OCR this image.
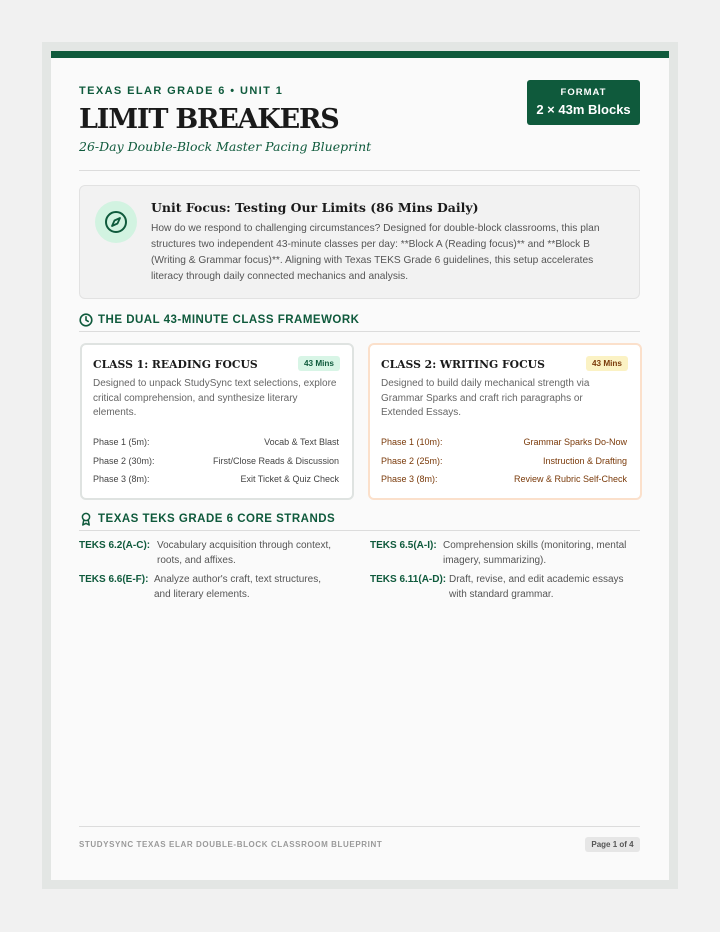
TEXAS ELAR GRADE 6 • UNIT 1
LIMIT BREAKERS
26-Day Double-Block Master Pacing Blueprint
FORMAT
2 × 43m Blocks
Unit Focus: Testing Our Limits (86 Mins Daily)

How do we respond to challenging circumstances? Designed for double-block classrooms, this plan structures two independent 43-minute classes per day: **Block A (Reading focus)** and **Block B (Writing & Grammar focus)**. Aligning with Texas TEKS Grade 6 guidelines, this setup accelerates literacy through daily connected mechanics and analysis.

THE DUAL 43-MINUTE CLASS FRAMEWORK
CLASS 1: READING FOCUS	43 Mins
Designed to unpack StudySync text selections, explore critical comprehension, and synthesize literary elements.
Phase 1 (5m):	Vocab & Text Blast
Phase 2 (30m):	First/Close Reads & Discussion
Phase 3 (8m):	Exit Ticket & Quiz Check
CLASS 2: WRITING FOCUS	43 Mins
Designed to build daily mechanical strength via Grammar Sparks and craft rich paragraphs or Extended Essays.
Phase 1 (10m):	Grammar Sparks Do-Now
Phase 2 (25m):	Instruction & Drafting
Phase 3 (8m):	Review & Rubric Self-Check
TEXAS TEKS GRADE 6 CORE STRANDS
TEKS 6.2(A-C): Vocabulary acquisition through context,
roots, and affixes.
TEKS 6.5(A-I): Comprehension skills (monitoring, mental
imagery, summarizing).
TEKS 6.6(E-F): Analyze author's craft, text structures,
and literary elements.
TEKS 6.11(A-D): Draft, revise, and edit academic essays
with standard grammar.
STUDYSYNC TEXAS ELAR DOUBLE-BLOCK CLASSROOM BLUEPRINT	Page 1 of 4
